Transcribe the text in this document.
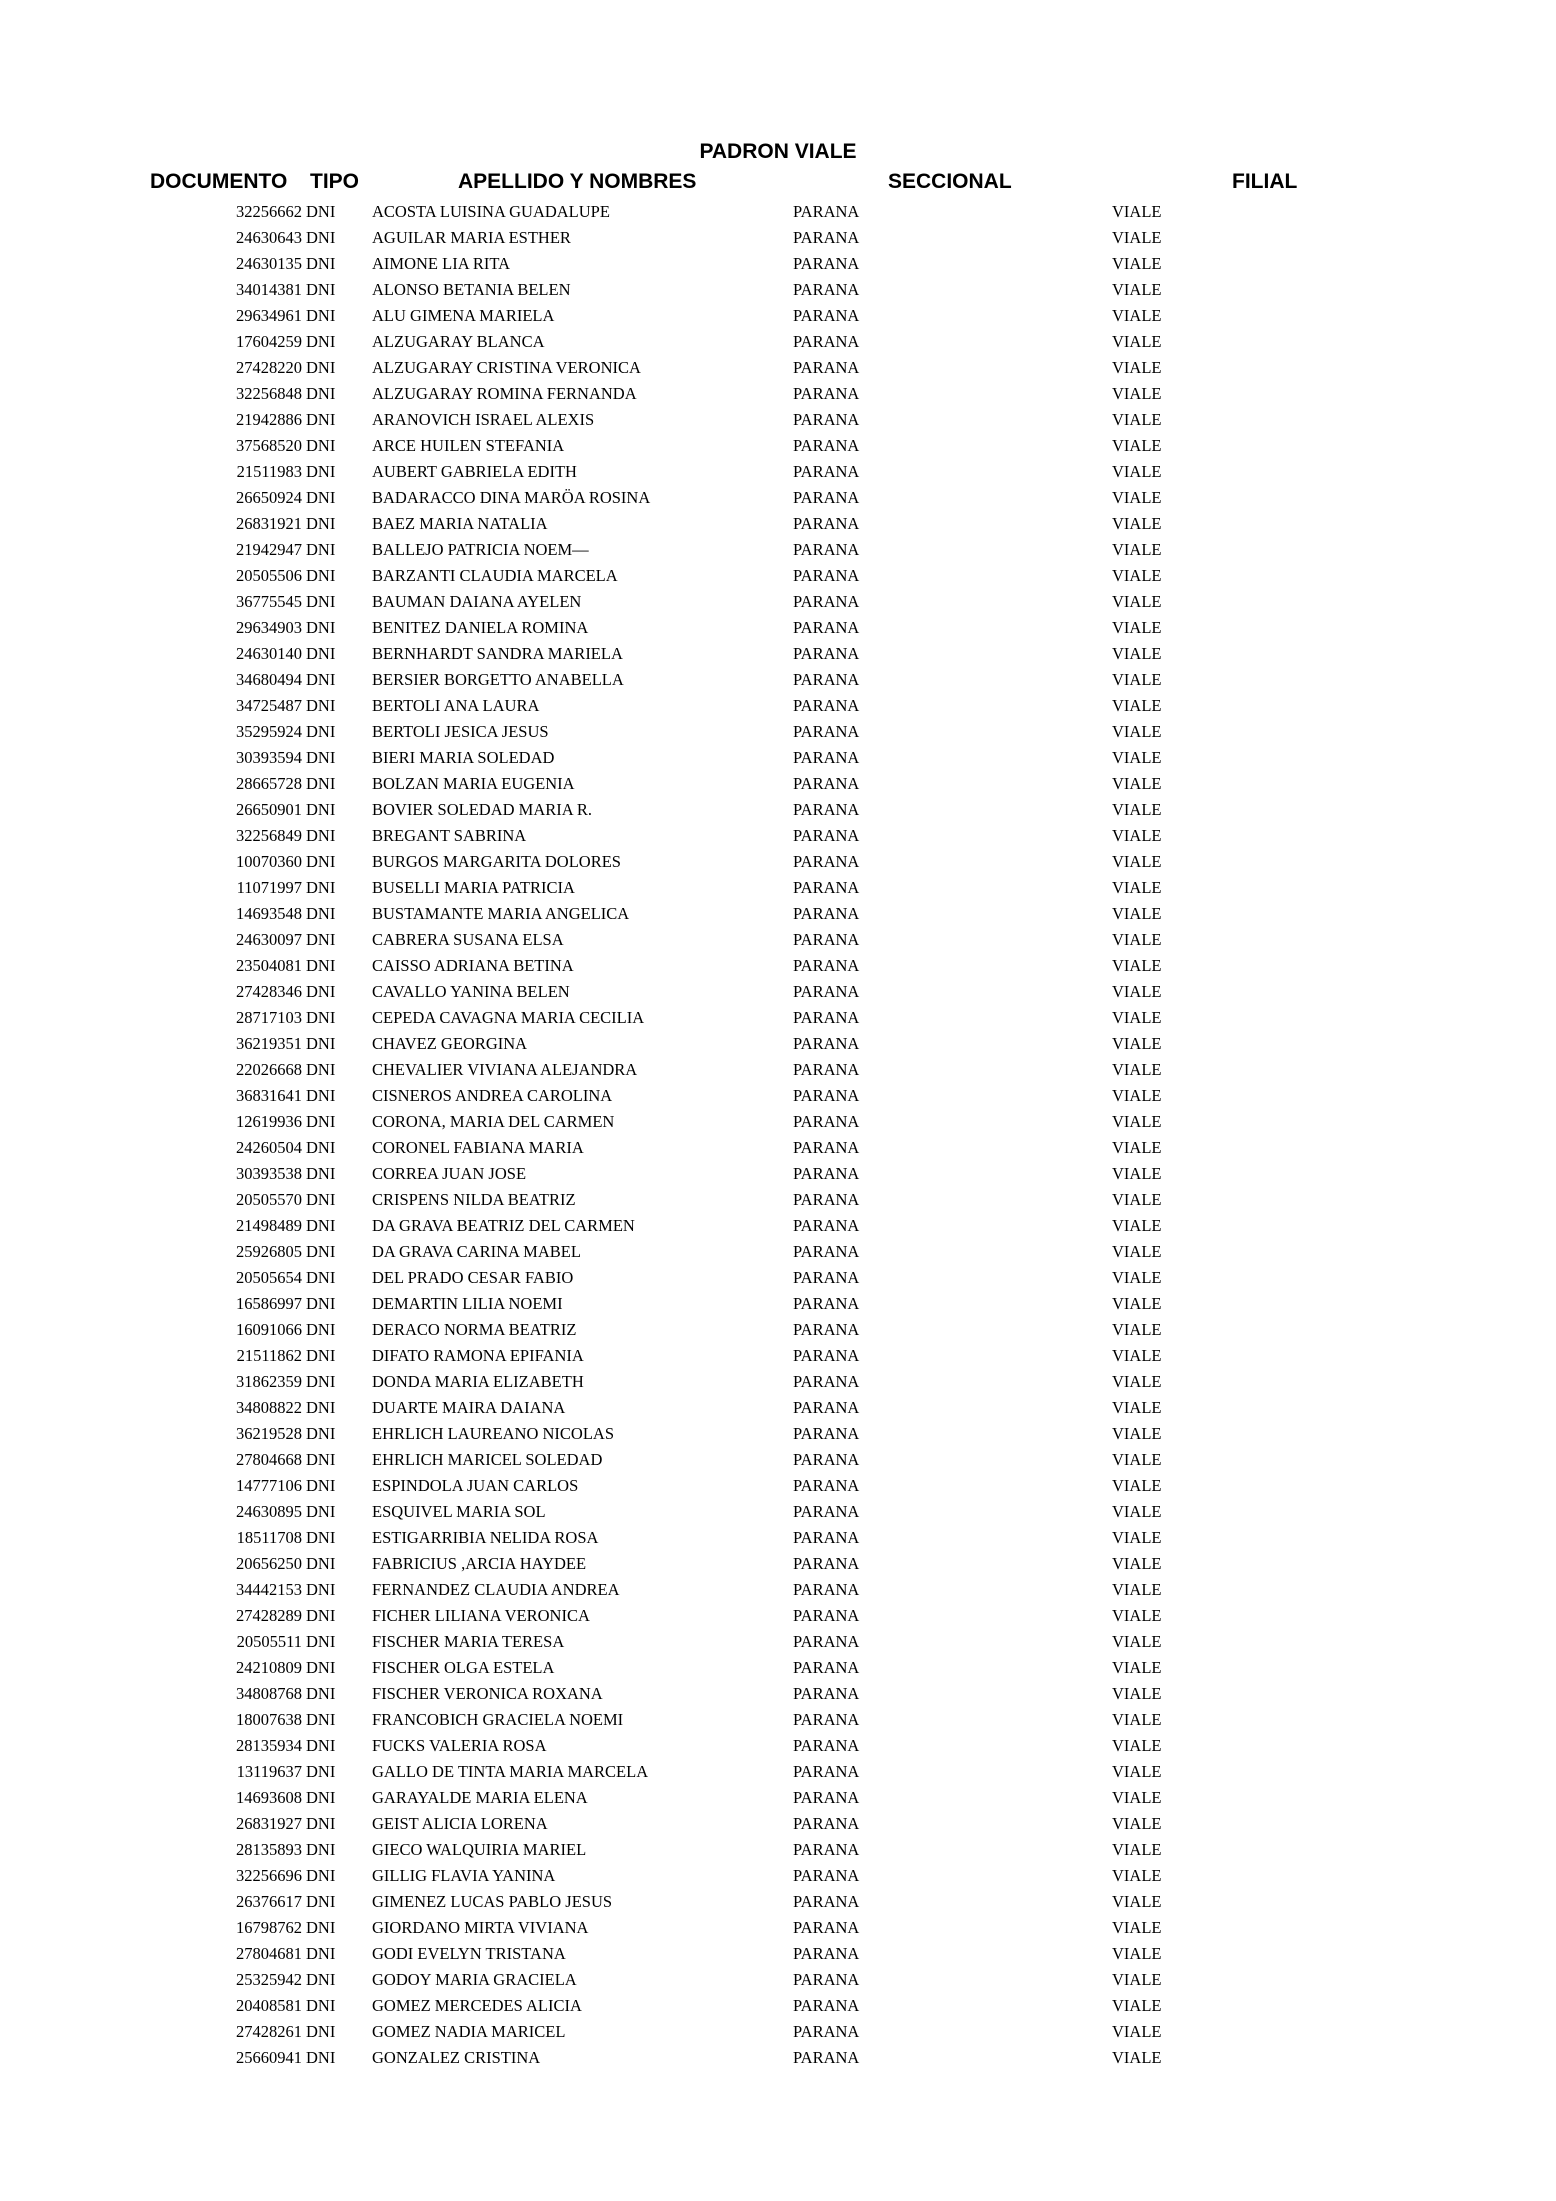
PADRON VIALE
DOCUMENTO TIPO	APELLIDO Y NOMBRES	SECCIONAL	FILIAL
32256662 DNI ACOSTA LUISINA GUADALUPE	PARANA	VIALE
24630643 DNI AGUILAR MARIA ESTHER	PARANA	VIALE
24630135 DNI AIMONE LIA RITA	PARANA	VIALE
34014381 DNI ALONSO BETANIA BELEN	PARANA	VIALE
29634961 DNI ALU GIMENA MARIELA	PARANA	VIALE
17604259 DNI ALZUGARAY BLANCA	PARANA	VIALE
27428220 DNI ALZUGARAY CRISTINA VERONICA	PARANA	VIALE
32256848 DNI ALZUGARAY ROMINA FERNANDA	PARANA	VIALE
21942886 DNI ARANOVICH ISRAEL ALEXIS	PARANA	VIALE
37568520 DNI ARCE HUILEN STEFANIA	PARANA	VIALE
21511983 DNI AUBERT GABRIELA EDITH	PARANA	VIALE
26650924 DNI BADARACCO DINA MARÖA ROSINA	PARANA	VIALE
26831921 DNI BAEZ MARIA NATALIA	PARANA	VIALE
21942947 DNI BALLEJO PATRICIA NOEM—	PARANA	VIALE
20505506 DNI BARZANTI CLAUDIA MARCELA	PARANA	VIALE
36775545 DNI BAUMAN DAIANA AYELEN	PARANA	VIALE
29634903 DNI BENITEZ DANIELA ROMINA	PARANA	VIALE
24630140 DNI BERNHARDT SANDRA MARIELA	PARANA	VIALE
34680494 DNI BERSIER BORGETTO ANABELLA	PARANA	VIALE
34725487 DNI BERTOLI ANA LAURA	PARANA	VIALE
35295924 DNI BERTOLI JESICA JESUS	PARANA	VIALE
30393594 DNI BIERI MARIA SOLEDAD	PARANA	VIALE
28665728 DNI BOLZAN MARIA EUGENIA	PARANA	VIALE
26650901 DNI BOVIER SOLEDAD MARIA R.	PARANA	VIALE
32256849 DNI BREGANT SABRINA	PARANA	VIALE
10070360 DNI BURGOS MARGARITA DOLORES	PARANA	VIALE
11071997 DNI BUSELLI MARIA PATRICIA	PARANA	VIALE
14693548 DNI BUSTAMANTE MARIA ANGELICA	PARANA	VIALE
24630097 DNI CABRERA SUSANA ELSA	PARANA	VIALE
23504081 DNI CAISSO ADRIANA BETINA	PARANA	VIALE
27428346 DNI CAVALLO YANINA BELEN	PARANA	VIALE
28717103 DNI CEPEDA CAVAGNA MARIA CECILIA	PARANA	VIALE
36219351 DNI CHAVEZ GEORGINA	PARANA	VIALE
22026668 DNI CHEVALIER VIVIANA ALEJANDRA	PARANA	VIALE
36831641 DNI CISNEROS ANDREA CAROLINA	PARANA	VIALE
12619936 DNI CORONA, MARIA DEL CARMEN	PARANA	VIALE
24260504 DNI CORONEL FABIANA MARIA	PARANA	VIALE
30393538 DNI CORREA JUAN JOSE	PARANA	VIALE
20505570 DNI CRISPENS NILDA BEATRIZ	PARANA	VIALE
21498489 DNI DA GRAVA BEATRIZ DEL CARMEN	PARANA	VIALE
25926805 DNI DA GRAVA CARINA MABEL	PARANA	VIALE
20505654 DNI DEL PRADO CESAR FABIO	PARANA	VIALE
16586997 DNI DEMARTIN LILIA NOEMI	PARANA	VIALE
16091066 DNI DERACO NORMA BEATRIZ	PARANA	VIALE
21511862 DNI DIFATO RAMONA EPIFANIA	PARANA	VIALE
31862359 DNI DONDA MARIA ELIZABETH	PARANA	VIALE
34808822 DNI DUARTE MAIRA DAIANA	PARANA	VIALE
36219528 DNI EHRLICH LAUREANO NICOLAS	PARANA	VIALE
27804668 DNI EHRLICH MARICEL SOLEDAD	PARANA	VIALE
14777106 DNI ESPINDOLA JUAN CARLOS	PARANA	VIALE
24630895 DNI ESQUIVEL MARIA SOL	PARANA	VIALE
18511708 DNI ESTIGARRIBIA NELIDA ROSA	PARANA	VIALE
20656250 DNI FABRICIUS ,ARCIA HAYDEE	PARANA	VIALE
34442153 DNI FERNANDEZ CLAUDIA ANDREA	PARANA	VIALE
27428289 DNI FICHER LILIANA VERONICA	PARANA	VIALE
20505511 DNI FISCHER MARIA TERESA	PARANA	VIALE
24210809 DNI FISCHER OLGA ESTELA	PARANA	VIALE
34808768 DNI FISCHER VERONICA ROXANA	PARANA	VIALE
18007638 DNI FRANCOBICH GRACIELA NOEMI	PARANA	VIALE
28135934 DNI FUCKS VALERIA ROSA	PARANA	VIALE
13119637 DNI GALLO DE TINTA MARIA MARCELA	PARANA	VIALE
14693608 DNI GARAYALDE MARIA ELENA	PARANA	VIALE
26831927 DNI GEIST ALICIA LORENA	PARANA	VIALE
28135893 DNI GIECO WALQUIRIA MARIEL	PARANA	VIALE
32256696 DNI GILLIG FLAVIA YANINA	PARANA	VIALE
26376617 DNI GIMENEZ LUCAS PABLO JESUS	PARANA	VIALE
16798762 DNI GIORDANO MIRTA VIVIANA	PARANA	VIALE
27804681 DNI GODI EVELYN TRISTANA	PARANA	VIALE
25325942 DNI GODOY MARIA GRACIELA	PARANA	VIALE
20408581 DNI GOMEZ MERCEDES ALICIA	PARANA	VIALE
27428261 DNI GOMEZ NADIA MARICEL	PARANA	VIALE
25660941 DNI GONZALEZ CRISTINA	PARANA	VIALE
